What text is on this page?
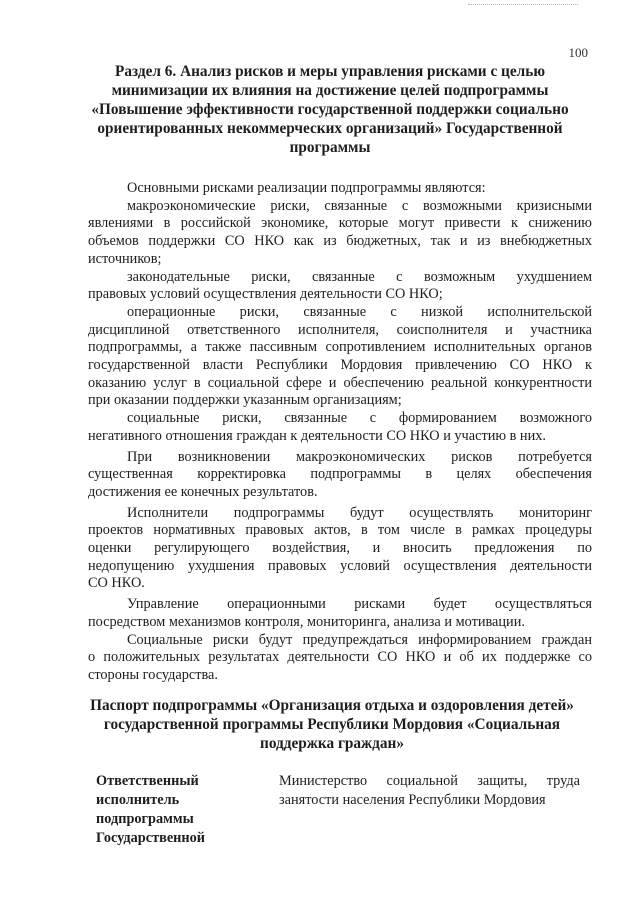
100
Раздел 6. Анализ рисков и меры управления рисками с целью
минимизации их влияния на достижение целей подпрограммы
«Повышение эффективности государственной поддержки социально
ориентированных некоммерческих организаций» Государственной
программы
Основными рисками реализации подпрограммы являются:
макроэкономические риски, связанные с возможными кризисными
явлениями в российской экономике, которые могут привести к снижению
объемов поддержки СО НКО как из бюджетных, так и из внебюджетных
источников;
законодательные риски, связанные с возможным ухудшением
правовых условий осуществления деятельности СО НКО;
операционные риски, связанные с низкой исполнительской
дисциплиной ответственного исполнителя, соисполнителя и участника
подпрограммы, а также пассивным сопротивлением исполнительных органов
государственной власти Республики Мордовия привлечению СО НКО к
оказанию услуг в социальной сфере и обеспечению реальной конкурентности
при оказании поддержки указанным организациям;
социальные риски, связанные с формированием возможного
негативного отношения граждан к деятельности СО НКО и участию в них.
При возникновении макроэкономических рисков потребуется
существенная корректировка подпрограммы в целях обеспечения
достижения ее конечных результатов.
Исполнители подпрограммы будут осуществлять мониторинг
проектов нормативных правовых актов, в том числе в рамках процедуры
оценки регулирующего воздействия, и вносить предложения по
недопущению ухудшения правовых условий осуществления деятельности
СО НКО.
Управление операционными рисками будет осуществляться
посредством механизмов контроля, мониторинга, анализа и мотивации.
Социальные риски будут предупреждаться информированием граждан
о положительных результатах деятельности СО НКО и об их поддержке со
стороны государства.
Паспорт подпрограммы «Организация отдыха и оздоровления детей»
государственной программы Республики Мордовия «Социальная
поддержка граждан»
Ответственный
исполнитель
подпрограммы
Государственной
Министерство социальной защиты, труда
занятости населения Республики Мордовия
